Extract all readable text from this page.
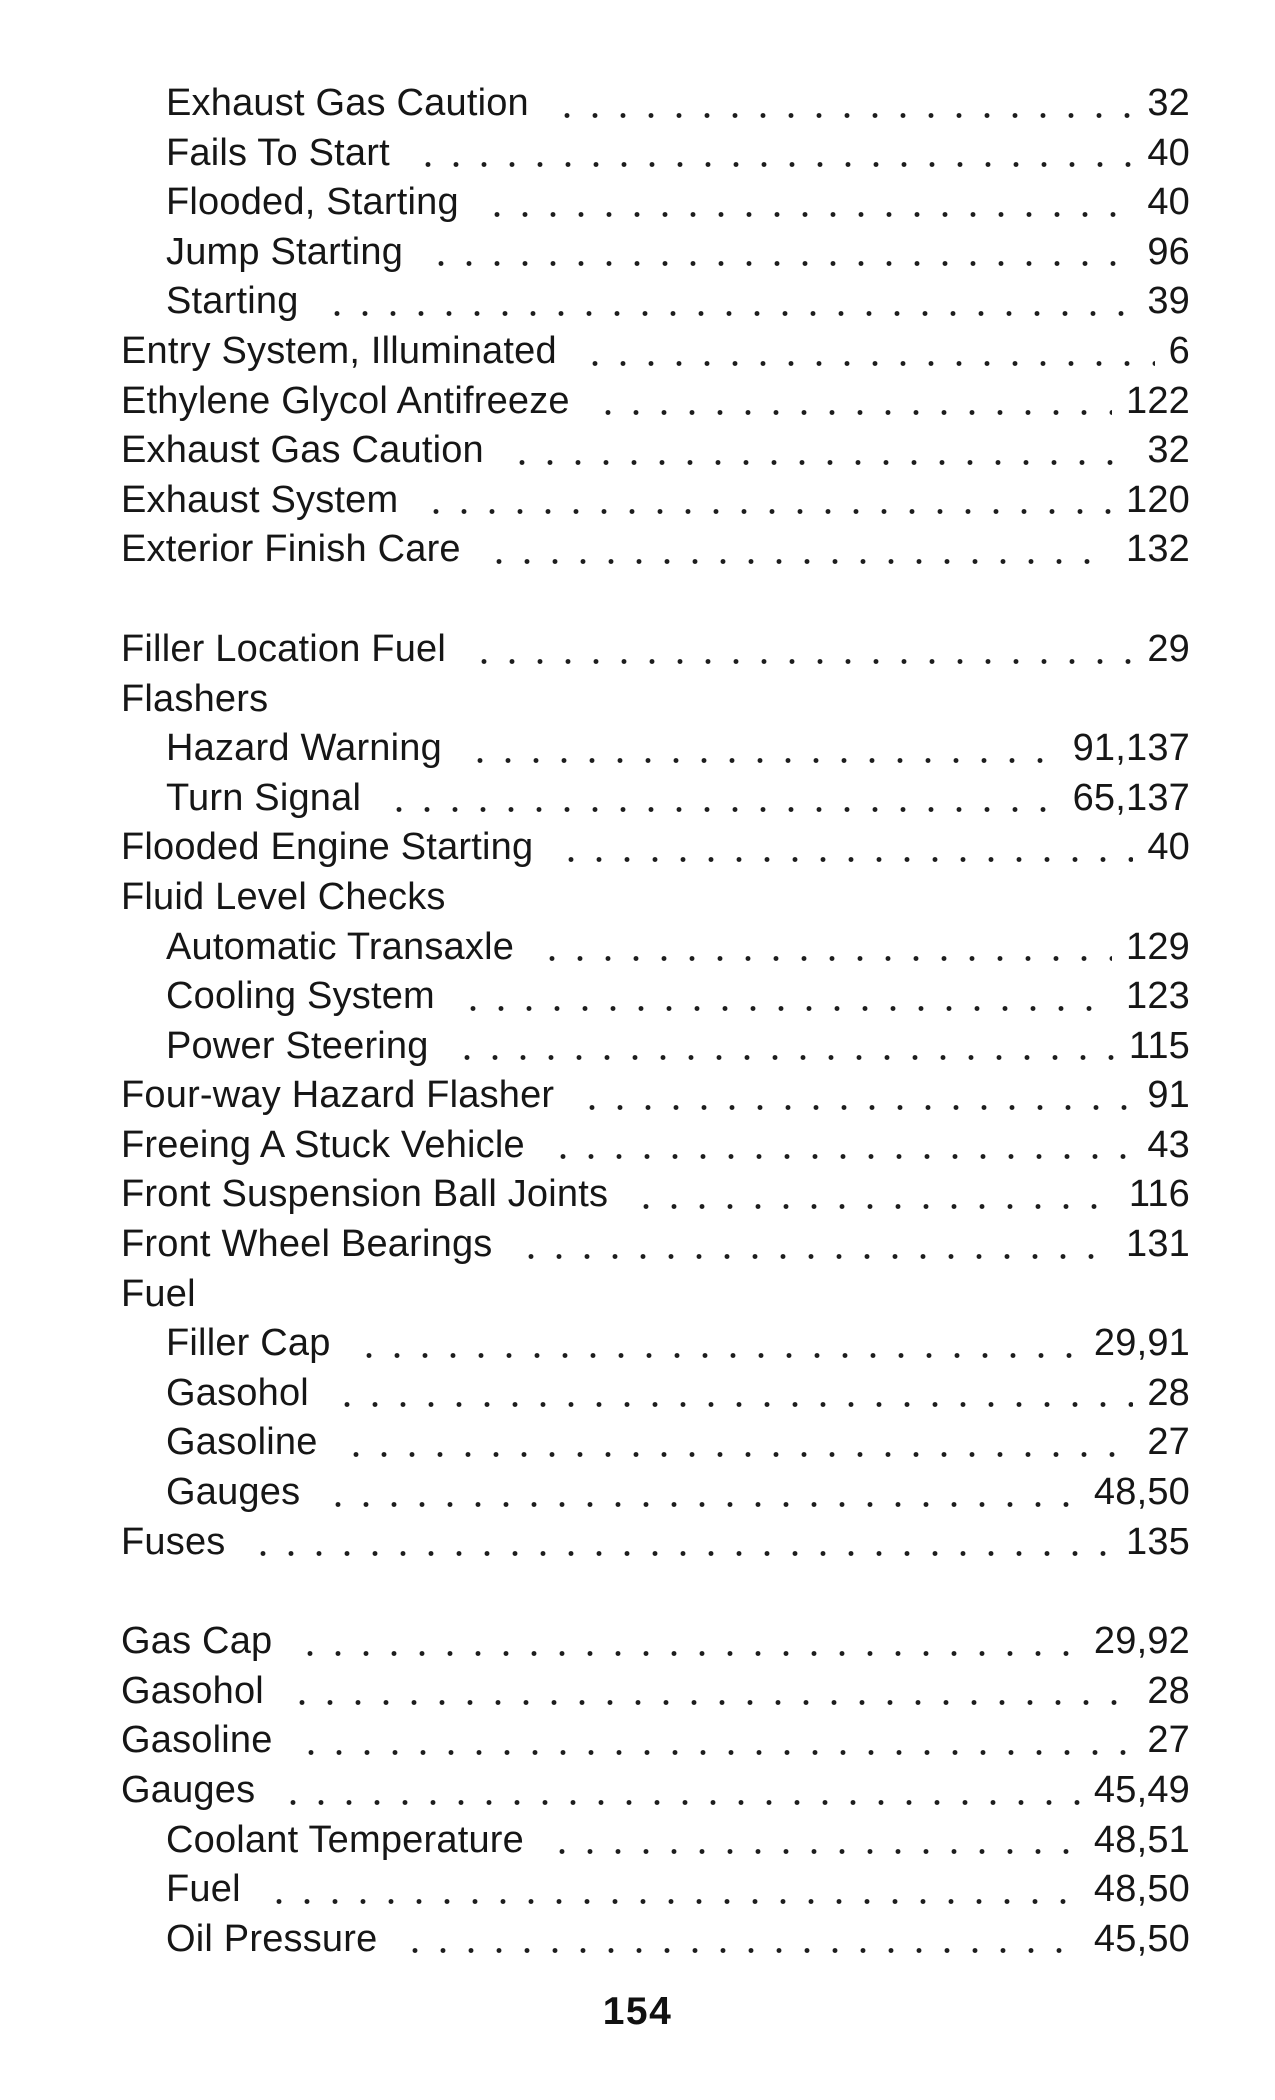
Exhaust Gas Caution	32
Fails To Start	40
Flooded, Starting	40
Jump Starting	96
Starting	39
Entry System, Illuminated	6
Ethylene Glycol Antifreeze	122
Exhaust Gas Caution	32
Exhaust System	120
Exterior Finish Care	132
Filler Location Fuel	29
Flashers
Hazard Warning	91,137
Turn Signal	65,137
Flooded Engine Starting	40
Fluid Level Checks
Automatic Transaxle	129
Cooling System	123
Power Steering	115
Four-way Hazard Flasher	91
Freeing A Stuck Vehicle	43
Front Suspension Ball Joints	116
Front Wheel Bearings	131
Fuel
Filler Cap	29,91
Gasohol	28
Gasoline	27
Gauges	48,50
Fuses	135
Gas Cap	29,92
Gasohol	28
Gasoline	27
Gauges	45,49
Coolant Temperature	48,51
Fuel	48,50
Oil Pressure	45,50
154
